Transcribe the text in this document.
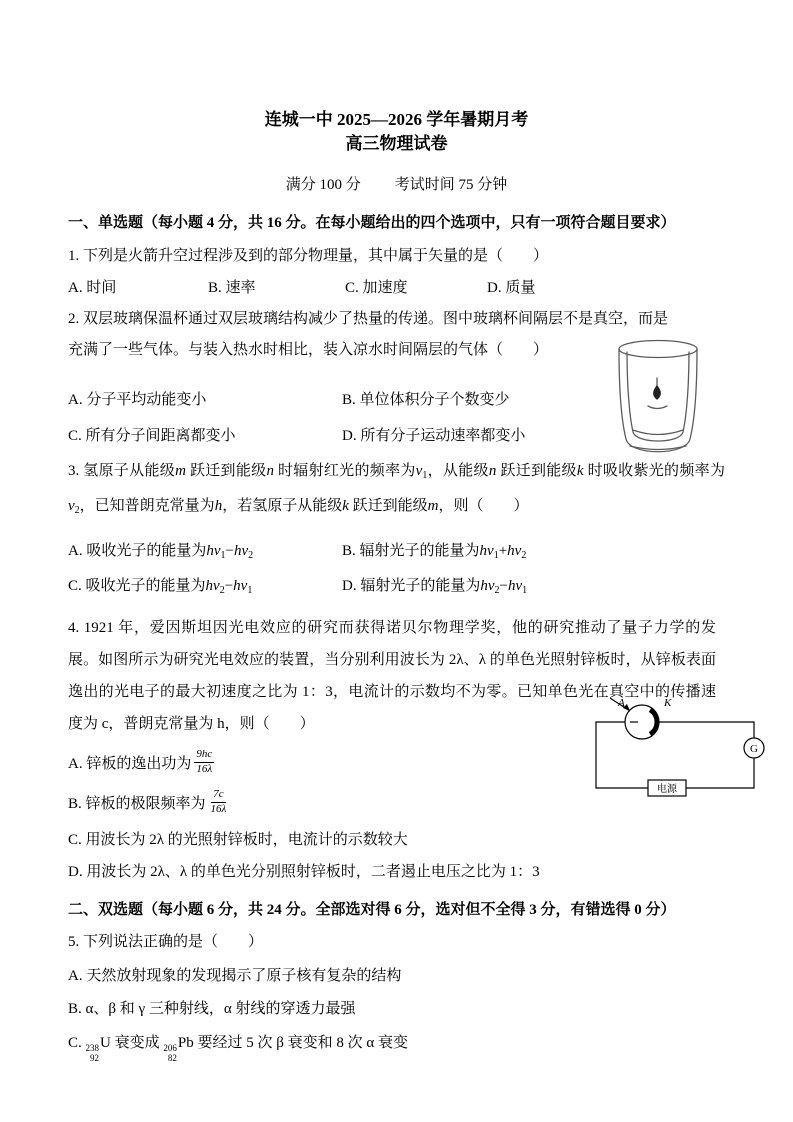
连城一中 2025—2026 学年暑期月考

高三物理试卷

满分 100 分 考试时间 75 分钟

一、单选题（每小题 4 分，共 16 分。在每小题给出的四个选项中，只有一项符合题目要求）

1. 下列是火箭升空过程涉及到的部分物理量，其中属于矢量的是（　　）

A. 时间	B. 速率	C. 加速度	D. 质量

2. 双层玻璃保温杯通过双层玻璃结构减少了热量的传递。图中玻璃杯间隔层不是真空，而是充满了一些气体。与装入热水时相比，装入凉水时间隔层的气体（　　）

A. 分子平均动能变小	B. 单位体积分子个数变少
C. 所有分子间距离都变小	D. 所有分子运动速率都变小

3. 氢原子从能级m 跃迁到能级n 时辐射红光的频率为$v_1$，从能级n 跃迁到能级k 时吸收紫光的频率为$v_2$，已知普朗克常量为h，若氢原子从能级k 跃迁到能级m，则（　　）

A. 吸收光子的能量为$hv_1-hv_2$	B. 辐射光子的能量为$hv_1+hv_2$
C. 吸收光子的能量为$hv_2-hv_1$	D. 辐射光子的能量为$hv_2-hv_1$

4. 1921 年，爱因斯坦因光电效应的研究而获得诺贝尔物理学奖，他的研究推动了量子力学的发展。如图所示为研究光电效应的装置，当分别利用波长为 2λ、λ 的单色光照射锌板时，从锌板表面逸出的光电子的最大初速度之比为 1：3，电流计的示数均不为零。已知单色光在真空中的传播速度为 c，普朗克常量为 h，则（　　）

A. 锌板的逸出功为 $\frac{9hc}{16\lambda}$

B. 锌板的极限频率为 $\frac{7c}{16\lambda}$

C. 用波长为 2λ 的光照射锌板时，电流计的示数较大

D. 用波长为 2λ、λ 的单色光分别照射锌板时，二者遏止电压之比为 1：3

二、双选题（每小题 6 分，共 24 分。全部选对得 6 分，选对但不全得 3 分，有错选得 0 分）

5. 下列说法正确的是（　　）

A. 天然放射现象的发现揭示了原子核有复杂的结构

B. α、β 和 γ 三种射线，α 射线的穿透力最强

C. 238
92
U 衰变成 206
82
Pb 要经过 5 次 β 衰变和 8 次 α 衰变

A	K
G
电源
